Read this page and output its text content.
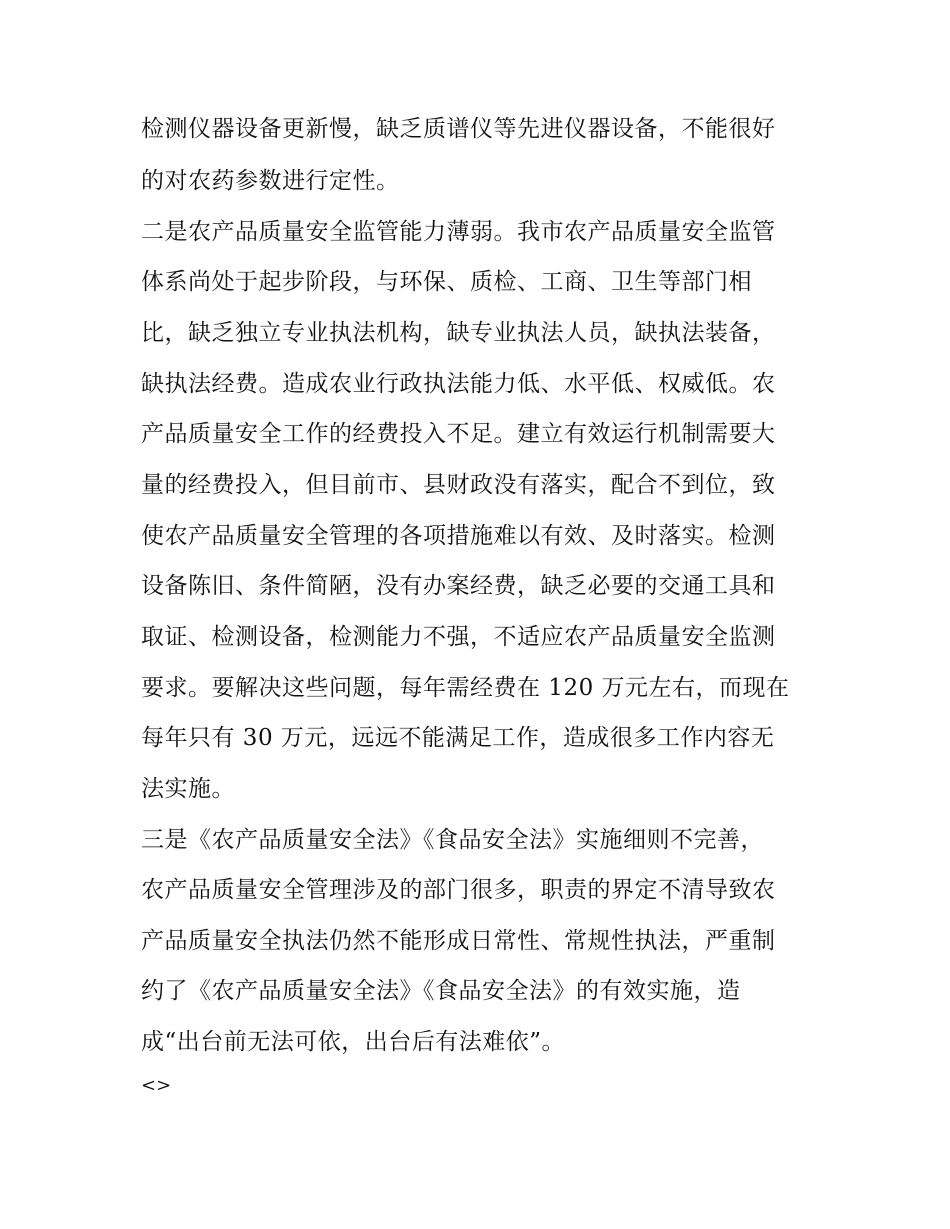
检测仪器设备更新慢，缺乏质谱仪等先进仪器设备，不能很好

的对农药参数进行定性。

二是农产品质量安全监管能力薄弱。我市农产品质量安全监管

体系尚处于起步阶段，与环保、质检、工商、卫生等部门相

比，缺乏独立专业执法机构，缺专业执法人员，缺执法装备，

缺执法经费。造成农业行政执法能力低、水平低、权威低。农

产品质量安全工作的经费投入不足。建立有效运行机制需要大

量的经费投入，但目前市、县财政没有落实，配合不到位，致

使农产品质量安全管理的各项措施难以有效、及时落实。检测

设备陈旧、条件简陋，没有办案经费，缺乏必要的交通工具和

取证、检测设备，检测能力不强，不适应农产品质量安全监测

要求。要解决这些问题，每年需经费在 120 万元左右，而现在

每年只有 30 万元，远远不能满足工作，造成很多工作内容无

法实施。

三是《农产品质量安全法》《食品安全法》实施细则不完善，

农产品质量安全管理涉及的部门很多，职责的界定不清导致农

产品质量安全执法仍然不能形成日常性、常规性执法，严重制

约了《农产品质量安全法》《食品安全法》的有效实施，造

成“出台前无法可依，出台后有法难依”。

<>
